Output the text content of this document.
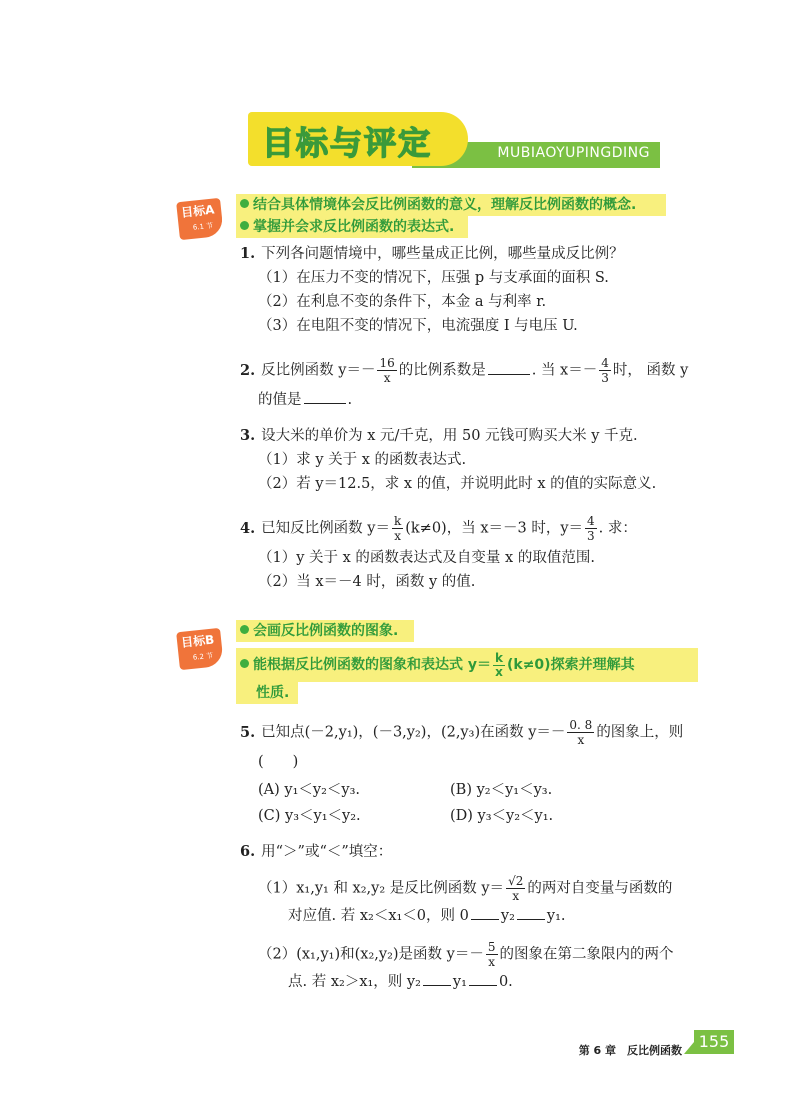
MUBIAOYUPINGDING
目标与评定
目标A
6.1 节
结合具体情境体会反比例函数的意义，理解反比例函数的概念.
掌握并会求反比例函数的表达式.
1. 下列各问题情境中，哪些量成正比例，哪些量成反比例？
（1）在压力不变的情况下，压强 p 与支承面的面积 S.
（2）在利息不变的条件下，本金 a 与利率 r.
（3）在电阻不变的情况下，电流强度 I 与电压 U.
2. 反比例函数 $y=- \frac{16}{x}$ 的比例系数是	. 当 $x=- \frac{4}{3}$ 时， 函数 y
的值是	.
3. 设大米的单价为 x 元/千克，用 50 元钱可购买大米 y 千克.
（1）求 y 关于 x 的函数表达式.
（2）若 y＝12.5，求 x 的值，并说明此时 x 的值的实际意义.
4. 已知反比例函数 $y= \frac{k}{x} (k\ne 0)$，当 x＝－3 时，$y= \frac{4}{3}$ . 求：
（1）y 关于 x 的函数表达式及自变量 x 的取值范围.
（2）当 x＝－4 时，函数 y 的值.
目标B
6.2 节
会画反比例函数的图象.
能根据反比例函数的图象和表达式 $y= \frac{k}{x} (k\ne 0)$探索并理解其
性质.
5. 已知点(－2,y₁)，(－3,y₂)，(2,y₃)在函数 $y=- \frac{0. 8}{x}$ 的图象上，则
(　　)
(A) y₁＜y₂＜y₃.	(B) y₂＜y₁＜y₃.
(C) y₃＜y₁＜y₂.	(D) y₃＜y₂＜y₁.
6. 用“＞”或“＜”填空：
（1）x₁,y₁ 和 x₂,y₂ 是反比例函数 $y= \frac{√2}{x}$ 的两对自变量与函数的
对应值. 若 x₂＜x₁＜0，则 0 y₂ y₁.
（2）(x₁,y₁)和(x₂,y₂)是函数 $y=- \frac{5}{x}$ 的图象在第二象限内的两个
点. 若 x₂＞x₁，则 y₂ y₁ 0.
第 6 章　反比例函数 155
